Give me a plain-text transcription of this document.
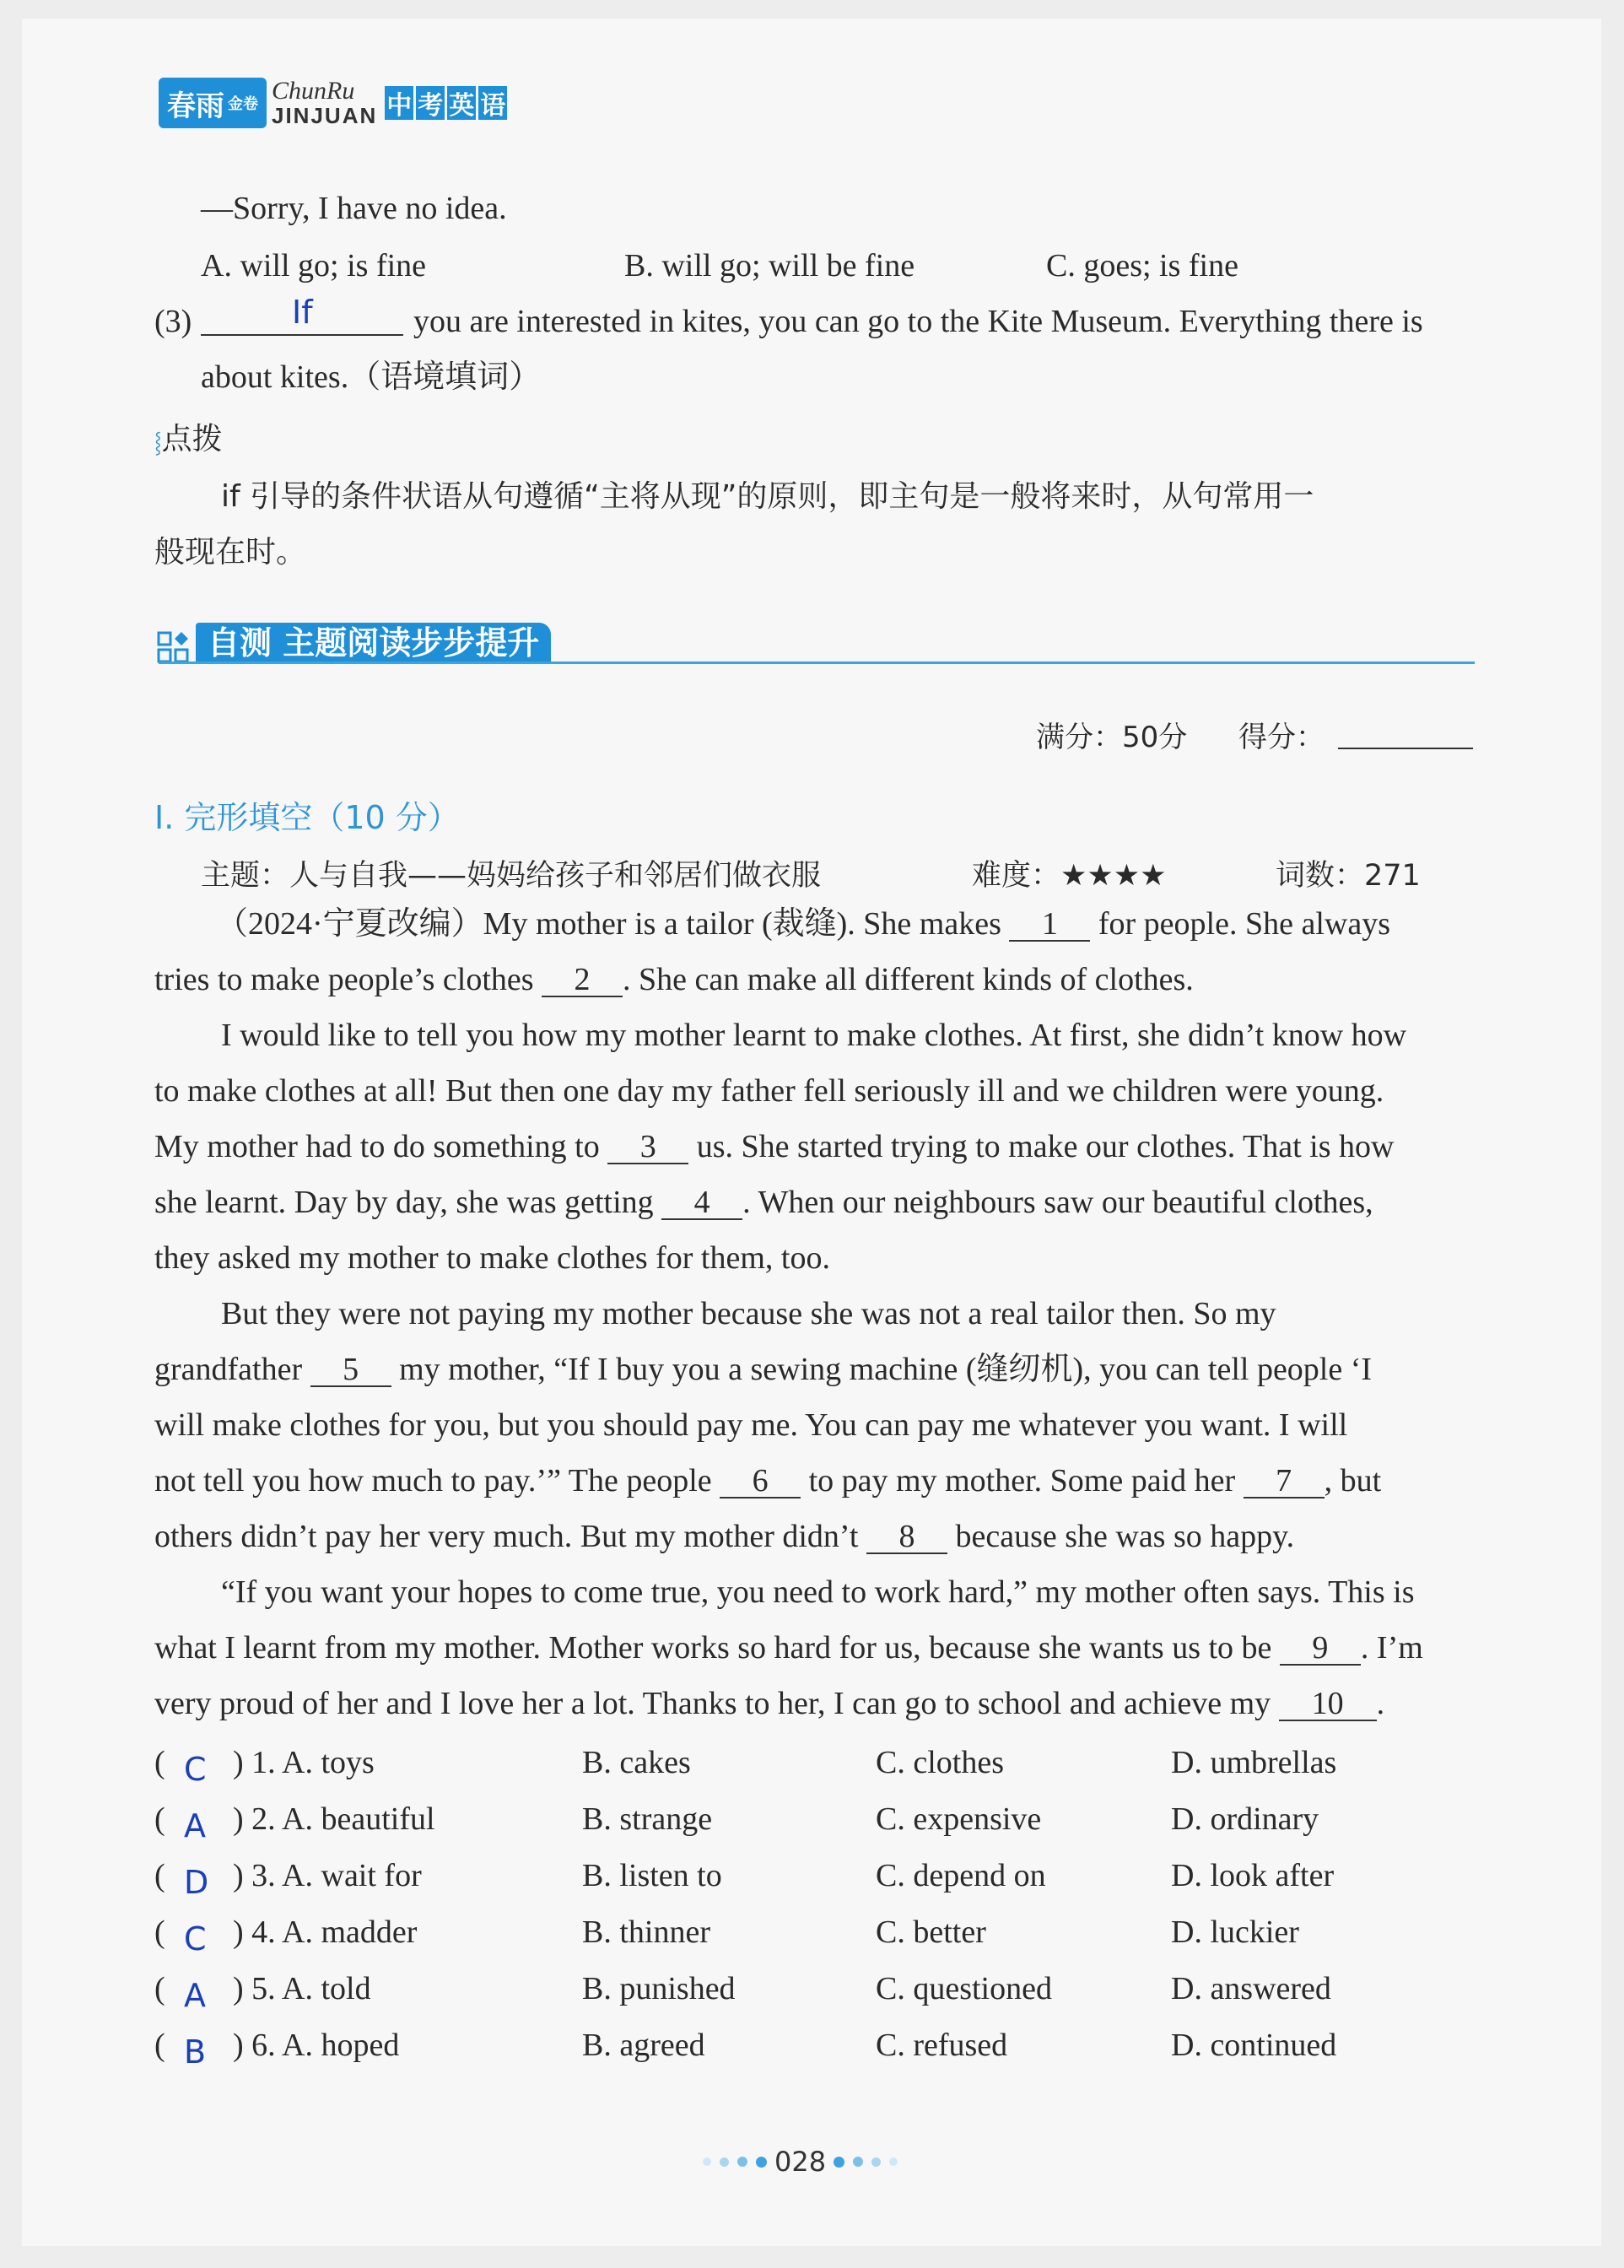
春雨 金卷 ChunRu
JINJUAN 中 考 英 语
—Sorry, I have no idea.
A. will go; is fine	B. will go; will be fine	C. goes; is fine
(3)	If	you are interested in kites, you can go to the Kite Museum. Everything there is
about kites.（语境填词）
⸾点拨
if 引导的条件状语从句遵循“主将从现”的原则，即主句是一般将来时，从句常用一
般现在时。
自测 主题阅读步步提升
满分：50分 得分：
I. 完形填空（10 分）
主题：人与自我——妈妈给孩子和邻居们做衣服	难度：★★★★	词数：271
（2024·宁夏改编）My mother is a tailor (裁缝). She makes 1 for people. She always
tries to make people’s clothes 2 . She can make all different kinds of clothes.
I would like to tell you how my mother learnt to make clothes. At first, she didn’t know how
to make clothes at all! But then one day my father fell seriously ill and we children were young.
My mother had to do something to 3 us. She started trying to make our clothes. That is how
she learnt. Day by day, she was getting 4 . When our neighbours saw our beautiful clothes,
they asked my mother to make clothes for them, too.
But they were not paying my mother because she was not a real tailor then. So my
grandfather 5 my mother, “If I buy you a sewing machine (缝纫机), you can tell people ‘I
will make clothes for you, but you should pay me. You can pay me whatever you want. I will
not tell you how much to pay.’” The people 6 to pay my mother. Some paid her 7 , but
others didn’t pay her very much. But my mother didn’t 8 because she was so happy.
“If you want your hopes to come true, you need to work hard,” my mother often says. This is
what I learnt from my mother. Mother works so hard for us, because she wants us to be 9 . I’m
very proud of her and I love her a lot. Thanks to her, I can go to school and achieve my 10 .
( C ) 1. A. toys	B. cakes	C. clothes	D. umbrellas
( A ) 2. A. beautiful	B. strange	C. expensive	D. ordinary
( D ) 3. A. wait for	B. listen to	C. depend on	D. look after
( C ) 4. A. madder	B. thinner	C. better	D. luckier
( A ) 5. A. told	B. punished	C. questioned	D. answered
( B ) 6. A. hoped	B. agreed	C. refused	D. continued
028
